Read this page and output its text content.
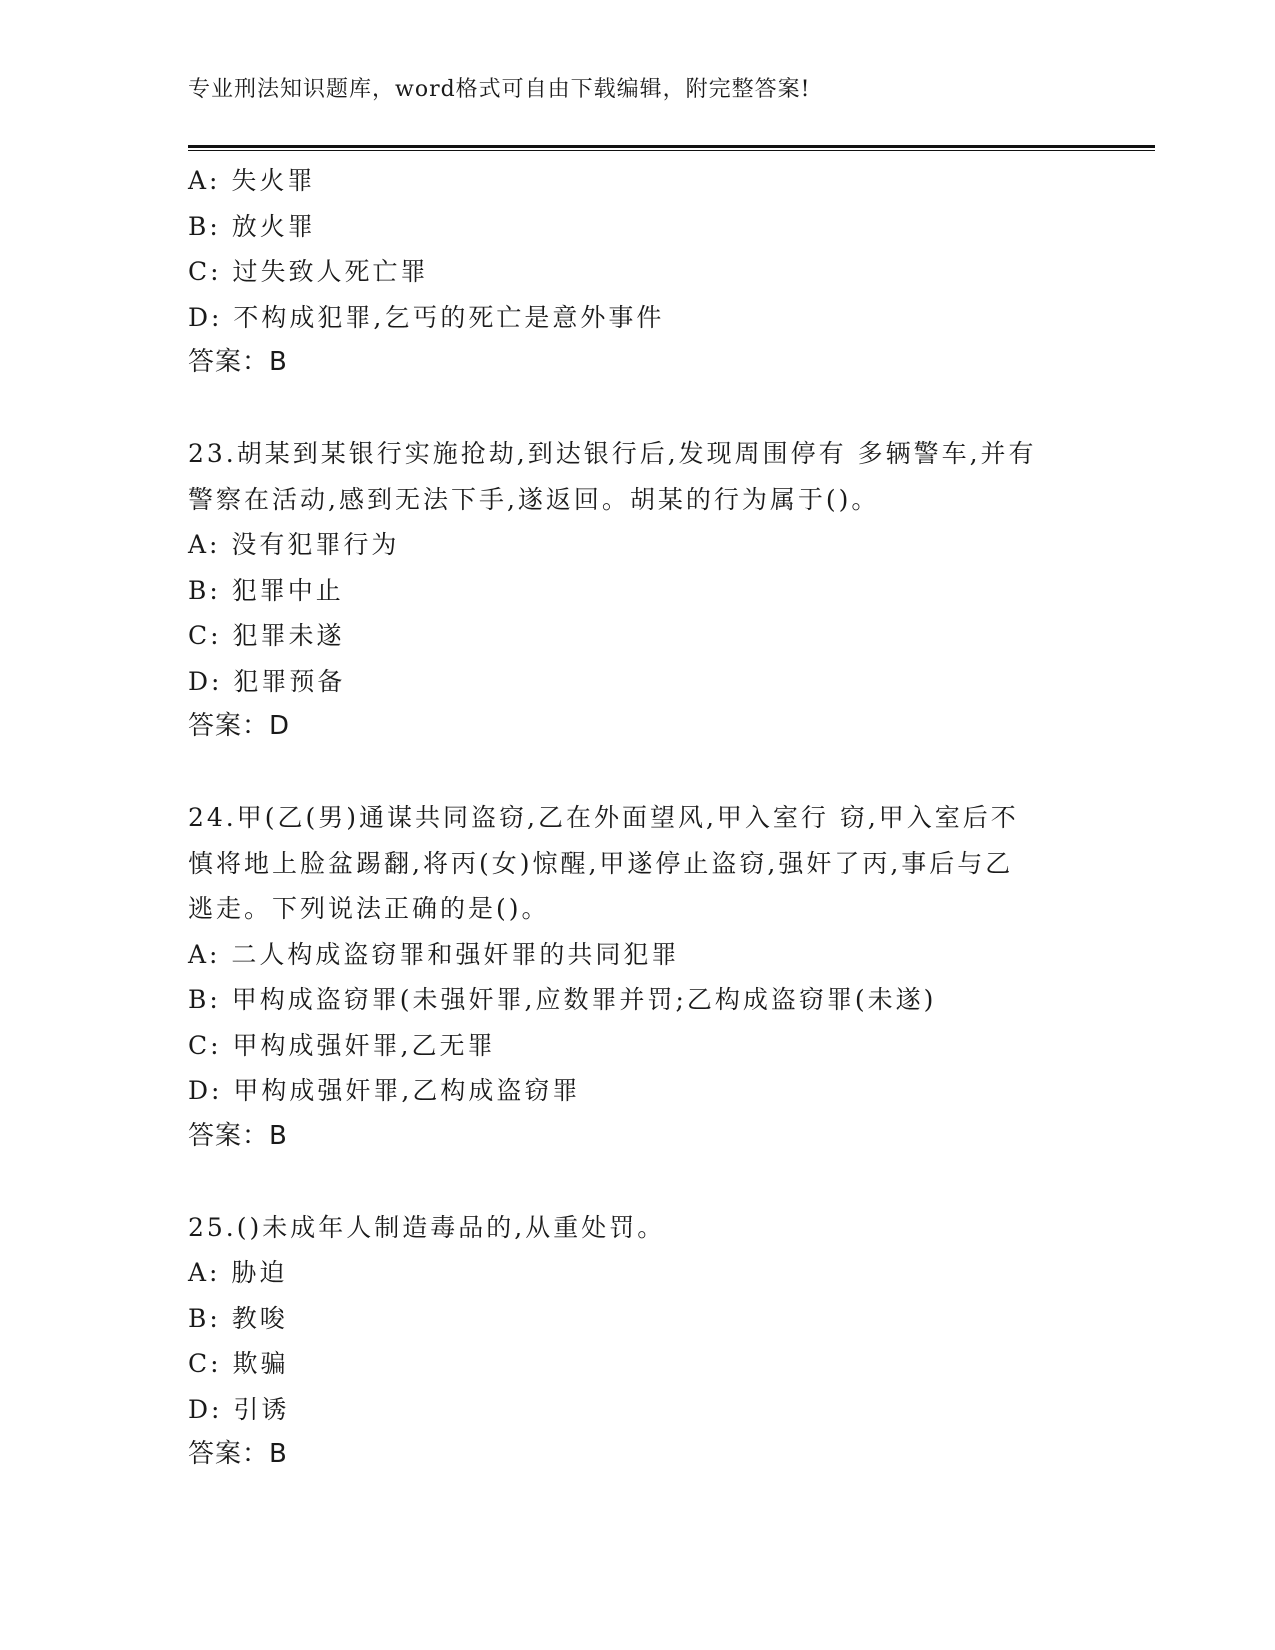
专业刑法知识题库，word格式可自由下载编辑，附完整答案!
A: 失火罪
B: 放火罪
C: 过失致人死亡罪
D: 不构成犯罪,乞丐的死亡是意外事件
答案：B
23.胡某到某银行实施抢劫,到达银行后,发现周围停有 多辆警车,并有
警察在活动,感到无法下手,遂返回。胡某的行为属于()。
A: 没有犯罪行为
B: 犯罪中止
C: 犯罪未遂
D: 犯罪预备
答案：D
24.甲(乙(男)通谋共同盗窃,乙在外面望风,甲入室行 窃,甲入室后不
慎将地上脸盆踢翻,将丙(女)惊醒,甲遂停止盗窃,强奸了丙,事后与乙
逃走。下列说法正确的是()。
A: 二人构成盗窃罪和强奸罪的共同犯罪
B: 甲构成盗窃罪(未强奸罪,应数罪并罚;乙构成盗窃罪(未遂)
C: 甲构成强奸罪,乙无罪
D: 甲构成强奸罪,乙构成盗窃罪
答案：B
25.()未成年人制造毒品的,从重处罚。
A: 胁迫
B: 教唆
C: 欺骗
D: 引诱
答案：B
